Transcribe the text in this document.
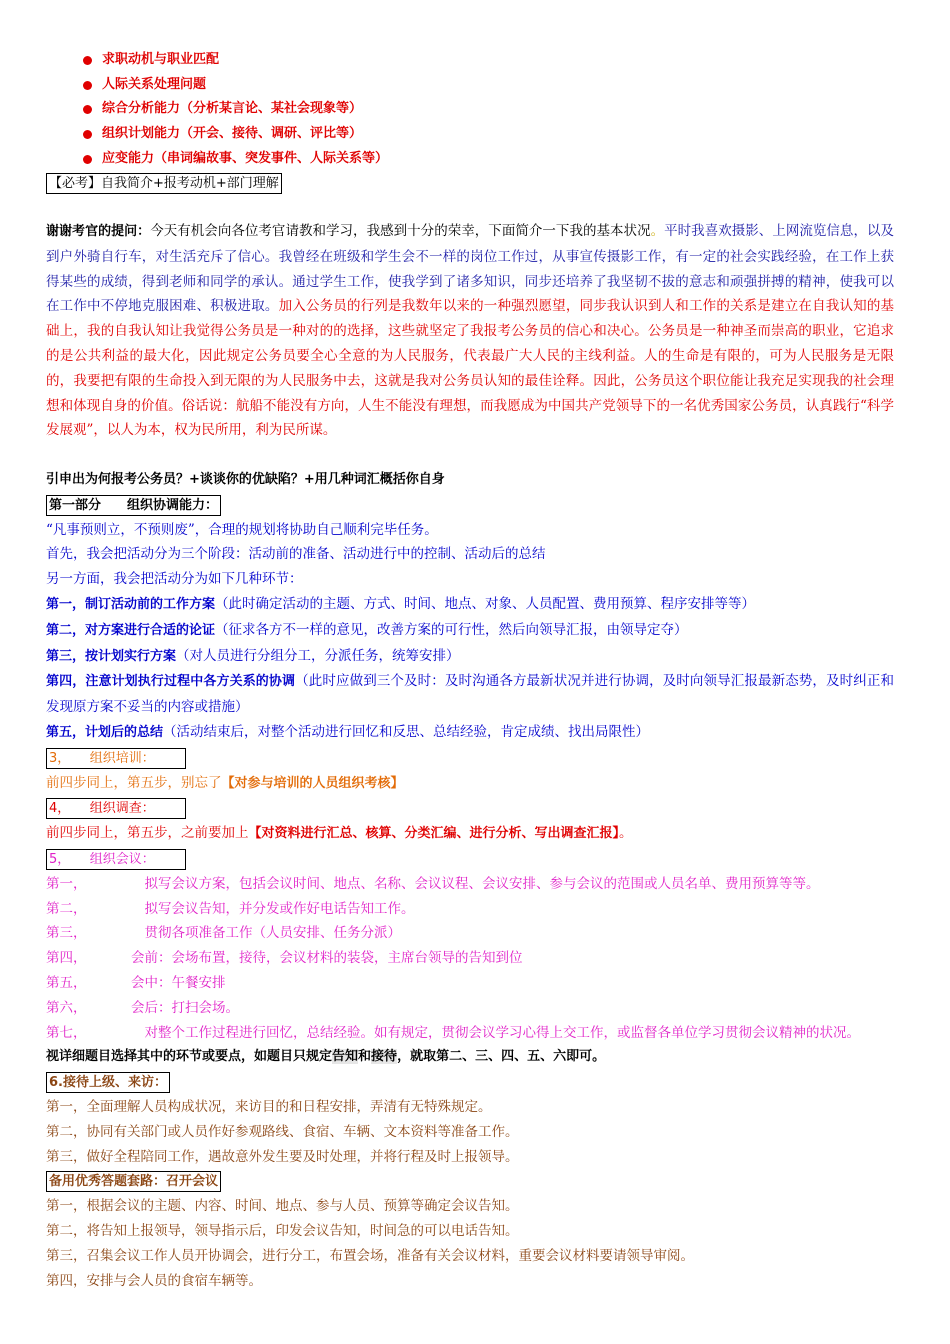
求职动机与职业匹配
人际关系处理问题
综合分析能力（分析某言论、某社会现象等）
组织计划能力（开会、接待、调研、评比等）
应变能力（串词编故事、突发事件、人际关系等）
【必考】自我简介+报考动机+部门理解
谢谢考官的提问：今天有机会向各位考官请教和学习，我感到十分的荣幸，下面简介一下我的基本状况。平时我喜欢摄影、上网流览信息，以及到户外骑自行车，对生活充斥了信心。我曾经在班级和学生会不一样的岗位工作过，从事宣传摄影工作，有一定的社会实践经验，在工作上获得某些的成绩，得到老师和同学的承认。通过学生工作，使我学到了诸多知识，同步还培养了我坚韧不拔的意志和顽强拼搏的精神，使我可以在工作中不停地克服困难、积极进取。加入公务员的行列是我数年以来的一种强烈愿望，同步我认识到人和工作的关系是建立在自我认知的基础上，我的自我认知让我觉得公务员是一种对的的选择，这些就坚定了我报考公务员的信心和决心。公务员是一种神圣而崇高的职业，它追求的是公共利益的最大化，因此规定公务员要全心全意的为人民服务，代表最广大人民的主线利益。人的生命是有限的，可为人民服务是无限的，我要把有限的生命投入到无限的为人民服务中去，这就是我对公务员认知的最佳诠释。因此，公务员这个职位能让我充足实现我的社会理想和体现自身的价值。俗话说：航船不能没有方向，人生不能没有理想，而我愿成为中国共产党领导下的一名优秀国家公务员，认真践行“科学发展观”，以人为本，权为民所用，利为民所谋。
引申出为何报考公务员？+谈谈你的优缺陷？+用几种词汇概括你自身
第一部分　　组织协调能力：
“凡事预则立，不预则废”，合理的规划将协助自己顺利完毕任务。
首先，我会把活动分为三个阶段：活动前的准备、活动进行中的控制、活动后的总结
另一方面，我会把活动分为如下几种环节：
第一，制订活动前的工作方案（此时确定活动的主题、方式、时间、地点、对象、人员配置、费用预算、程序安排等等）
第二，对方案进行合适的论证（征求各方不一样的意见，改善方案的可行性，然后向领导汇报，由领导定夺）
第三，按计划实行方案（对人员进行分组分工，分派任务，统筹安排）
第四，注意计划执行过程中各方关系的协调（此时应做到三个及时：及时沟通各方最新状况并进行协调，及时向领导汇报最新态势，及时纠正和发现原方案不妥当的内容或措施）
第五，计划后的总结（活动结束后，对整个活动进行回忆和反思、总结经验，肯定成绩、找出局限性）
3，　　组织培训：
前四步同上，第五步，别忘了【对参与培训的人员组织考核】
4，　　组织调查：
前四步同上，第五步，之前要加上【对资料进行汇总、核算、分类汇编、进行分析、写出调查汇报】。
5，　　组织会议：
第一，	　拟写会议方案，包括会议时间、地点、名称、会议议程、会议安排、参与会议的范围或人员名单、费用预算等等。
第二，	　拟写会议告知，并分发或作好电话告知工作。
第三，	　贯彻各项准备工作（人员安排、任务分派）
第四，	会前：会场布置，接待，会议材料的装袋，主席台领导的告知到位
第五，	会中：午餐安排
第六，	会后：打扫会场。
第七，	　对整个工作过程进行回忆，总结经验。如有规定，贯彻会议学习心得上交工作，或监督各单位学习贯彻会议精神的状况。
视详细题目选择其中的环节或要点，如题目只规定告知和接待，就取第二、三、四、五、六即可。
6.接待上级、来访：
第一，全面理解人员构成状况，来访目的和日程安排，弄清有无特殊规定。
第二，协同有关部门或人员作好参观路线、食宿、车辆、文本资料等准备工作。
第三，做好全程陪同工作，遇故意外发生要及时处理，并将行程及时上报领导。
备用优秀答题套路：召开会议
第一，根据会议的主题、内容、时间、地点、参与人员、预算等确定会议告知。
第二，将告知上报领导，领导指示后，印发会议告知，时间急的可以电话告知。
第三，召集会议工作人员开协调会，进行分工，布置会场，准备有关会议材料，重要会议材料要请领导审阅。
第四，安排与会人员的食宿车辆等。
